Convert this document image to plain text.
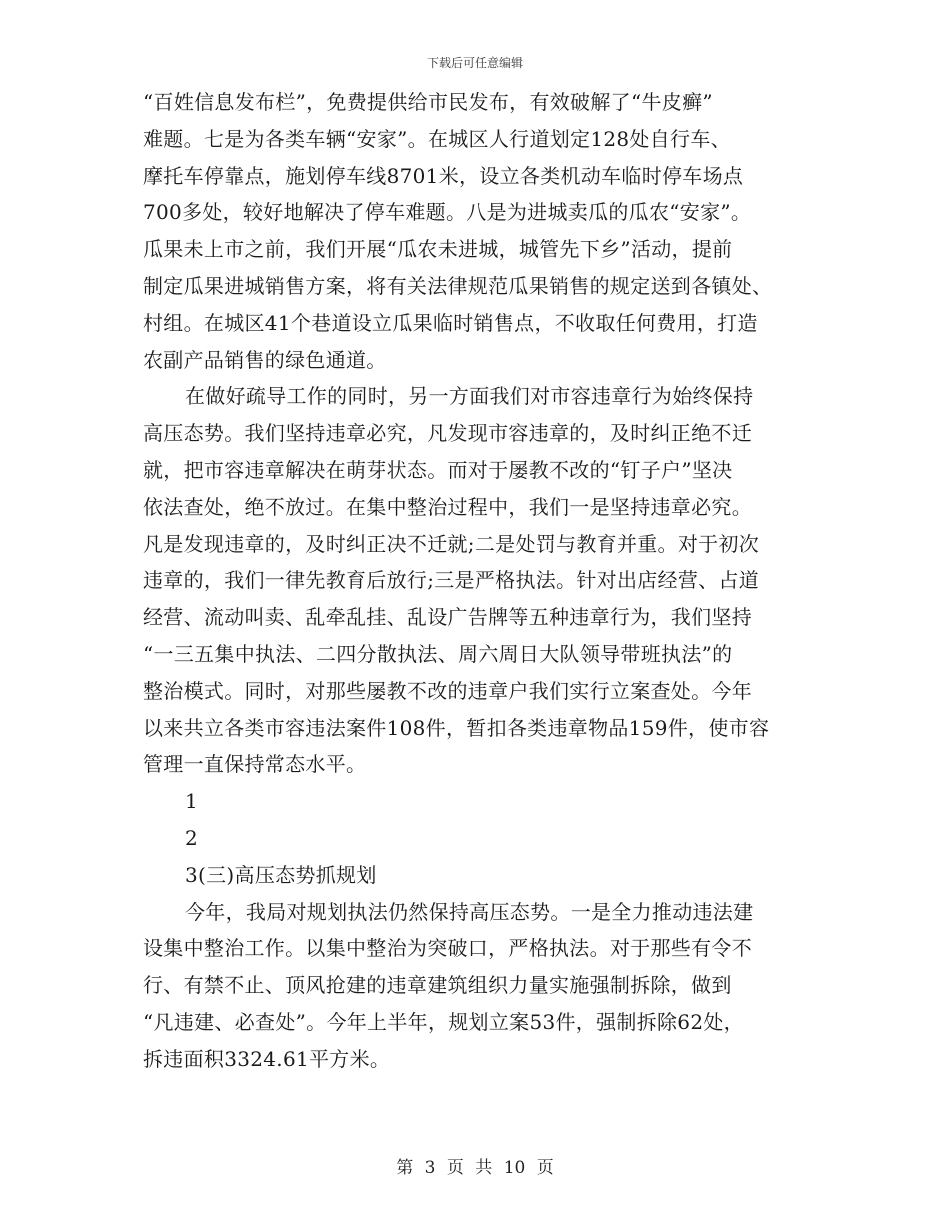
下载后可任意编辑
“百姓信息发布栏”，免费提供给市民发布，有效破解了“牛皮癣”
难题。七是为各类车辆“安家”。在城区人行道划定128处自行车、
摩托车停靠点，施划停车线8701米，设立各类机动车临时停车场点
700多处，较好地解决了停车难题。八是为进城卖瓜的瓜农“安家”。
瓜果未上市之前，我们开展“瓜农未进城，城管先下乡”活动，提前
制定瓜果进城销售方案，将有关法律规范瓜果销售的规定送到各镇处、
村组。在城区41个巷道设立瓜果临时销售点，不收取任何费用，打造
农副产品销售的绿色通道。
在做好疏导工作的同时，另一方面我们对市容违章行为始终保持
高压态势。我们坚持违章必究，凡发现市容违章的，及时纠正绝不迁
就，把市容违章解决在萌芽状态。而对于屡教不改的“钉子户”坚决
依法查处，绝不放过。在集中整治过程中，我们一是坚持违章必究。
凡是发现违章的，及时纠正决不迁就;二是处罚与教育并重。对于初次
违章的，我们一律先教育后放行;三是严格执法。针对出店经营、占道
经营、流动叫卖、乱牵乱挂、乱设广告牌等五种违章行为，我们坚持
“一三五集中执法、二四分散执法、周六周日大队领导带班执法”的
整治模式。同时，对那些屡教不改的违章户我们实行立案查处。今年
以来共立各类市容违法案件108件，暂扣各类违章物品159件，使市容
管理一直保持常态水平。
1
2
3(三)高压态势抓规划
今年，我局对规划执法仍然保持高压态势。一是全力推动违法建
设集中整治工作。以集中整治为突破口，严格执法。对于那些有令不
行、有禁不止、顶风抢建的违章建筑组织力量实施强制拆除，做到
“凡违建、必查处”。今年上半年，规划立案53件，强制拆除62处，
拆违面积3324.61平方米。
第 3 页 共 10 页
